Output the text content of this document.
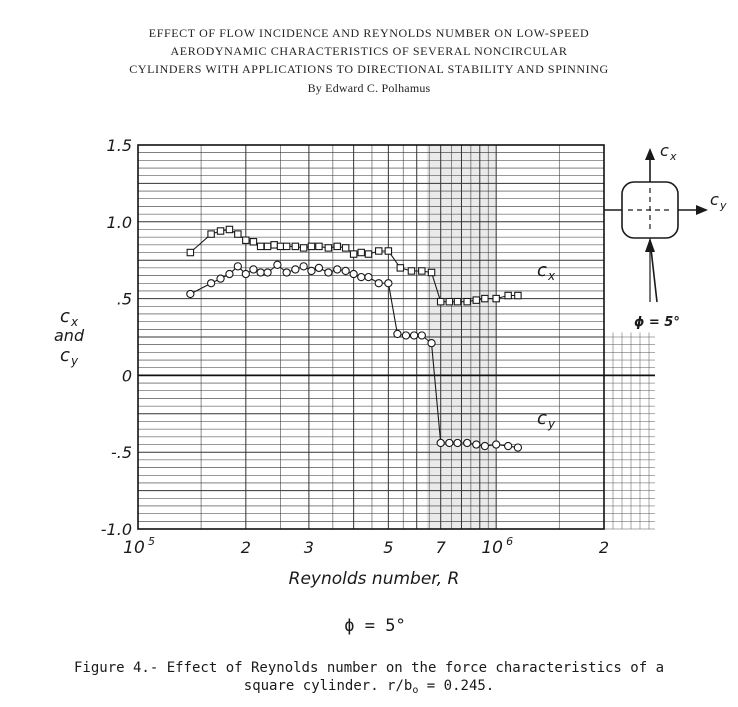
EFFECT OF FLOW INCIDENCE AND REYNOLDS NUMBER ON LOW-SPEED
AERODYNAMIC CHARACTERISTICS OF SEVERAL NONCIRCULAR
CYLINDERS WITH APPLICATIONS TO DIRECTIONAL STABILITY AND SPINNING
By Edward C. Polhamus
1.5
1.0
.5
0
-.5
-1.0
10 5	2	3	5	7 10 6	2
c x
and
c y
Reynolds number, R
c x
c y
c x
c y
ϕ = 5°
ϕ = 5°
Figure 4.- Effect of Reynolds number on the force characteristics of a
square cylinder. $r/b_o = 0.245$.
